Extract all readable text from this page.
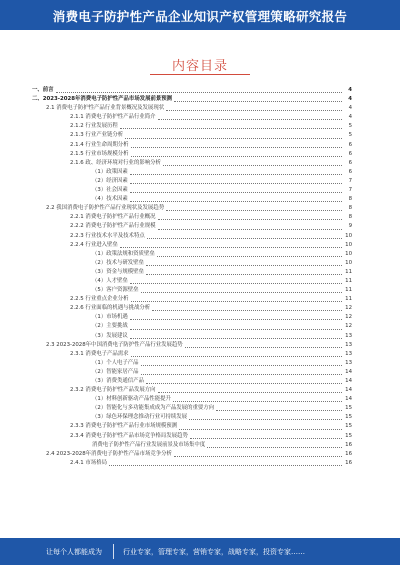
消费电子防护性产品企业知识产权管理策略研究报告
内容目录
一、前言	4
二、2023-2028年消费电子防护性产品市场发展前景预测	4
2.1 消费电子防护性产品行业背景概况及发展现状	4
2.1.1 消费电子防护性产品行业简介	4
2.1.2 行业发展历程	5
2.1.3 行业产业链分析	5
2.1.4 行业生命周期分析	6
2.1.5 行业市场规模分析	6
2.1.6 政、经济环境对行业的影响分析	6
（1）政策因素	6
（2）经济因素	7
（3）社会因素	7
（4）技术因素	8
2.2 我国消费电子防护性产品行业现状及发展趋势	8
2.2.1 消费电子防护性产品行业概况	8
2.2.2 消费电子防护性产品行业规模	9
2.2.3 行业技术水平及技术特点	10
2.2.4 行业进入壁垒	10
（1）政策法规和资质壁垒	10
（2）技术与研发壁垒	10
（3）资金与规模壁垒	11
（4）人才壁垒	11
（5）客户资源壁垒	11
2.2.5 行业重点企业分析	11
2.2.6 行业面临的机遇与挑战分析	12
（1）市场机遇	12
（2）主要挑战	12
（3）发展建议	13
2.3 2023-2028年中国消费电子防护性产品行业发展趋势	13
2.3.1 消费电子产品需求	13
（1）个人电子产品	13
（2）智能家居产品	14
（3）消费类通信产品	14
2.3.2 消费电子防护性产品发展方向	14
（1）材料创新驱动产品性能提升	14
（2）智能化与多功能集成成为产品发展的重要方向	15
（3）绿色环保理念推动行业可持续发展	15
2.3.3 消费电子防护性产品行业市场规模预测	15
2.3.4 消费电子防护性产品市场竞争格局发展趋势	15
消费电子防护性产品行业发展前景及市场集中度	16
2.4 2023-2028年消费电子防护性产品市场竞争分析	16
2.4.1 市场格局	16
让每个人都能成为	行业专家，管理专家，营销专家，战略专家，投资专家……
